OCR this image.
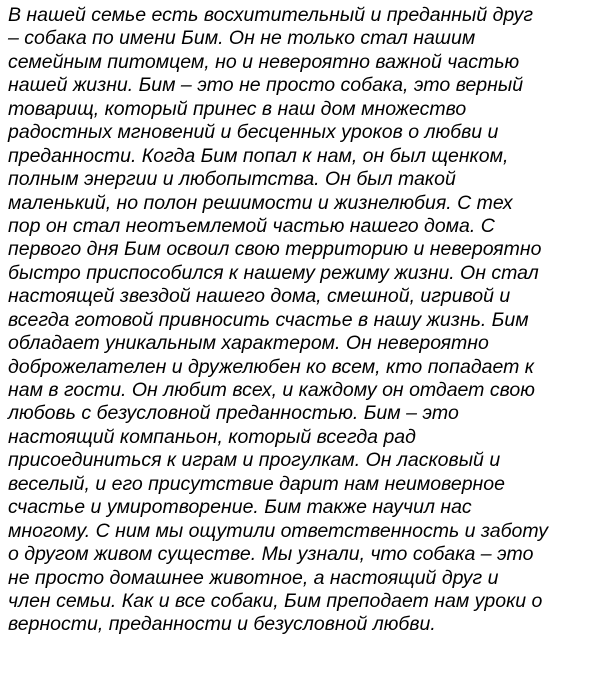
В нашей семье есть восхитительный и преданный друг
– собака по имени Бим. Он не только стал нашим
семейным питомцем, но и невероятно важной частью
нашей жизни. Бим – это не просто собака, это верный
товарищ, который принес в наш дом множество
радостных мгновений и бесценных уроков о любви и
преданности. Когда Бим попал к нам, он был щенком,
полным энергии и любопытства. Он был такой
маленький, но полон решимости и жизнелюбия. С тех
пор он стал неотъемлемой частью нашего дома. С
первого дня Бим освоил свою территорию и невероятно
быстро приспособился к нашему режиму жизни. Он стал
настоящей звездой нашего дома, смешной, игривой и
всегда готовой привносить счастье в нашу жизнь. Бим
обладает уникальным характером. Он невероятно
доброжелателен и дружелюбен ко всем, кто попадает к
нам в гости. Он любит всех, и каждому он отдает свою
любовь с безусловной преданностью. Бим – это
настоящий компаньон, который всегда рад
присоединиться к играм и прогулкам. Он ласковый и
веселый, и его присутствие дарит нам неимоверное
счастье и умиротворение. Бим также научил нас
многому. С ним мы ощутили ответственность и заботу
о другом живом существе. Мы узнали, что собака – это
не просто домашнее животное, а настоящий друг и
член семьи. Как и все собаки, Бим преподает нам уроки о
верности, преданности и безусловной любви.
